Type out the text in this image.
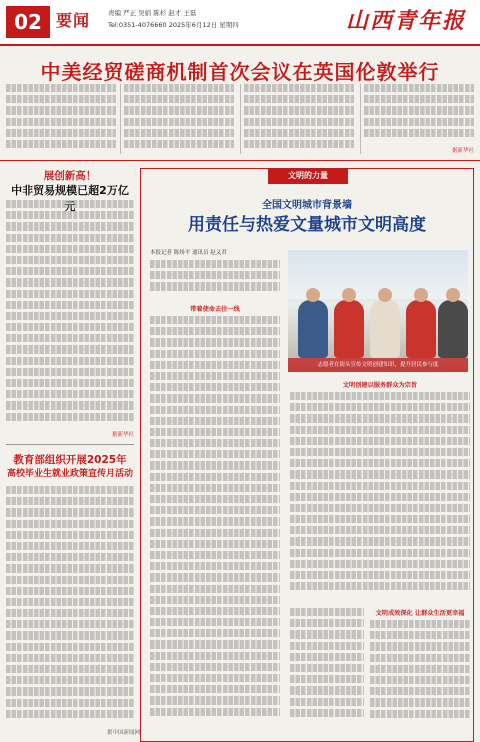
02 要闻	责编 严正 吴娟 陈杉 赵才 王磊
Tel:0351-4076660 2025年6月12日 星期四	山西青年报
中美经贸磋商机制首次会议在英国伦敦举行
据新华社
展创新高！
中非贸易规模已超2万亿元
据新华社
教育部组织开展2025年
高校毕业生就业政策宣传月活动
据中国新闻网
文明的力量
全国文明城市背景墙
用责任与热爱文量城市文明高度
本报记者 陈炀平 通讯员 赵又君
带着使命去往一线
志愿者在街头宣传文明创建知识，提升居民参与度
文明创建以服务群众为宗旨
文明成效深化 让群众生活更幸福
